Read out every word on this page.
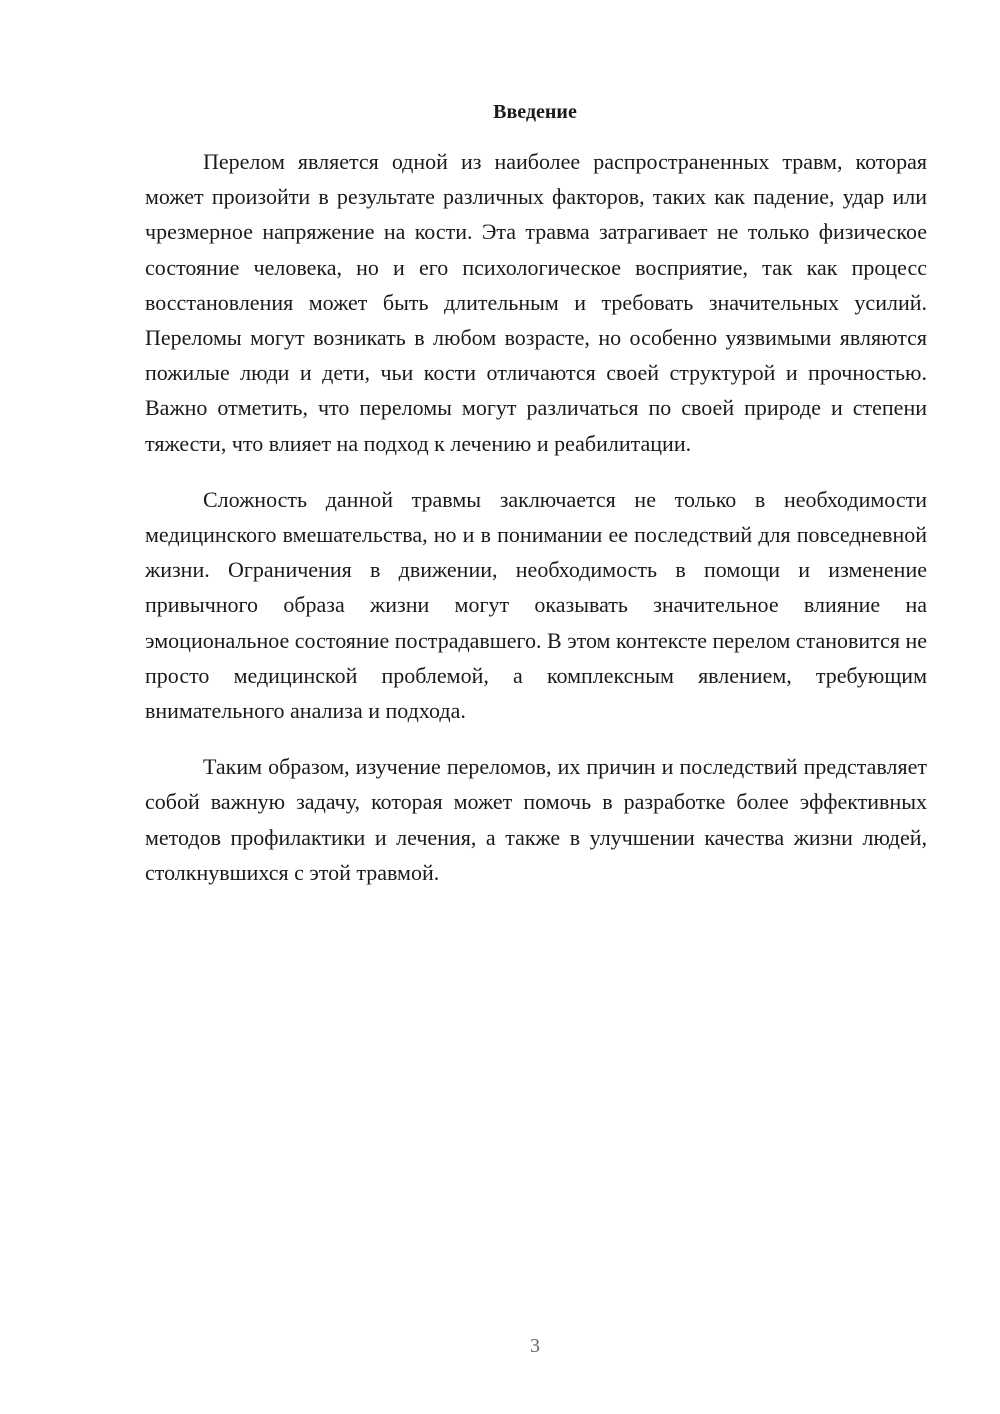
Введение

Перелом является одной из наиболее распространенных травм, которая может произойти в результате различных факторов, таких как падение, удар или чрезмерное напряжение на кости. Эта травма затрагивает не только физическое состояние человека, но и его психологическое восприятие, так как процесс восстановления может быть длительным и требовать значительных усилий. Переломы могут возникать в любом возрасте, но особенно уязвимыми являются пожилые люди и дети, чьи кости отличаются своей структурой и прочностью. Важно отметить, что переломы могут различаться по своей природе и степени тяжести, что влияет на подход к лечению и реабилитации.

Сложность данной травмы заключается не только в необходимости медицинского вмешательства, но и в понимании ее последствий для повседневной жизни. Ограничения в движении, необходимость в помощи и изменение привычного образа жизни могут оказывать значительное влияние на эмоциональное состояние пострадавшего. В этом контексте перелом становится не просто медицинской проблемой, а комплексным явлением, требующим внимательного анализа и подхода.

Таким образом, изучение переломов, их причин и последствий представляет собой важную задачу, которая может помочь в разработке более эффективных методов профилактики и лечения, а также в улучшении качества жизни людей, столкнувшихся с этой травмой.

3
